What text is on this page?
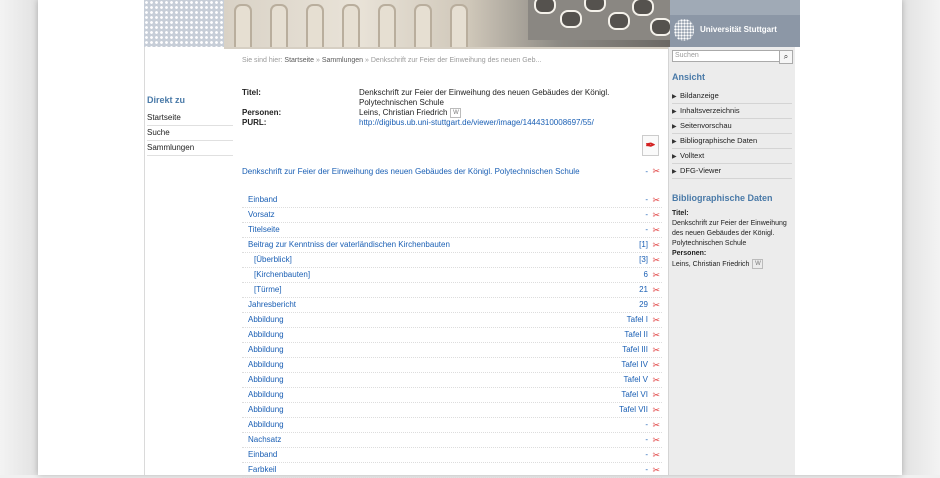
Universität Stuttgart
Sie sind hier: Startseite » Sammlungen » Denkschrift zur Feier der Einweihung des neuen Geb...
Direkt zu
Startseite
Suche
Sammlungen
Titel:	Denkschrift zur Feier der Einweihung des neuen Gebäudes der Königl. Polytechnischen Schule
Personen:	Leins, Christian Friedrich W
PURL:	http://digibus.ub.uni-stuttgart.de/viewer/image/1444310008697/55/
✒
Denkschrift zur Feier der Einweihung des neuen Gebäudes der Königl. Polytechnischen Schule	- ✂
Einband	- ✂
Vorsatz	- ✂
Titelseite	- ✂
Beitrag zur Kenntniss der vaterländischen Kirchenbauten	[1] ✂
[Überblick]	[3] ✂
[Kirchenbauten]	6 ✂
[Türme]	21 ✂
Jahresbericht	29 ✂
Abbildung	Tafel I ✂
Abbildung	Tafel II ✂
Abbildung	Tafel III ✂
Abbildung	Tafel IV ✂
Abbildung	Tafel V ✂
Abbildung	Tafel VI ✂
Abbildung	Tafel VII ✂
Abbildung	- ✂
Nachsatz	- ✂
Einband	- ✂
Farbkeil	- ✂
Suchen	⌕
Ansicht
▶ Bildanzeige
▶ Inhaltsverzeichnis
▶ Seitenvorschau
▶ Bibliographische Daten
▶ Volltext
▶ DFG-Viewer
Bibliographische Daten
Titel:
Denkschrift zur Feier der Einweihung des neuen Gebäudes der Königl. Polytechnischen Schule
Personen:
Leins, Christian Friedrich W
